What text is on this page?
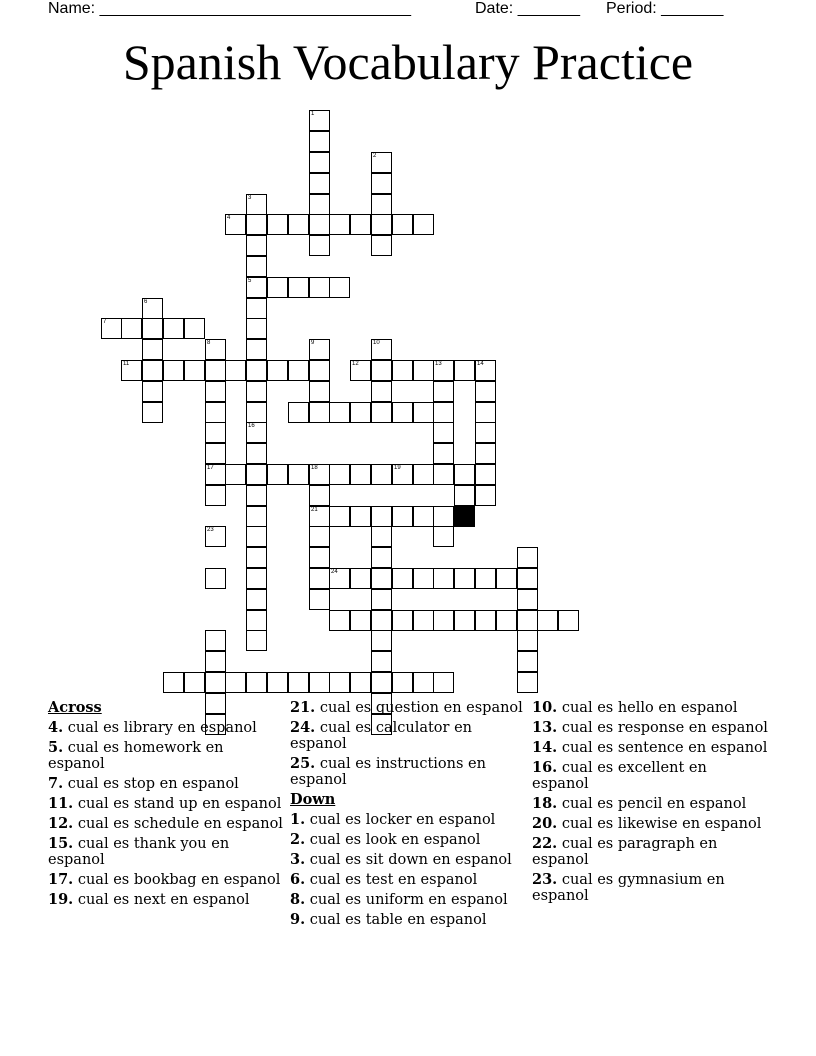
Name: ___________________________________	Date: _______ Period: _______
Spanish Vocabulary Practice
1
2
3
5
4
6
7
8	9	10
11	12	13	14
16
17	18	19
21
23
24
Across
4. cual es library en espanol
5. cual es homework en espanol
7. cual es stop en espanol
11. cual es stand up en espanol
12. cual es schedule en espanol
15. cual es thank you en espanol
17. cual es bookbag en espanol
19. cual es next en espanol
21. cual es question en espanol
24. cual es calculator en espanol
25. cual es instructions en espanol
Down
1. cual es locker en espanol
2. cual es look en espanol
3. cual es sit down en espanol
6. cual es test en espanol
8. cual es uniform en espanol
9. cual es table en espanol
10. cual es hello en espanol
13. cual es response en espanol
14. cual es sentence en espanol
16. cual es excellent en espanol
18. cual es pencil en espanol
20. cual es likewise en espanol
22. cual es paragraph en espanol
23. cual es gymnasium en espanol
